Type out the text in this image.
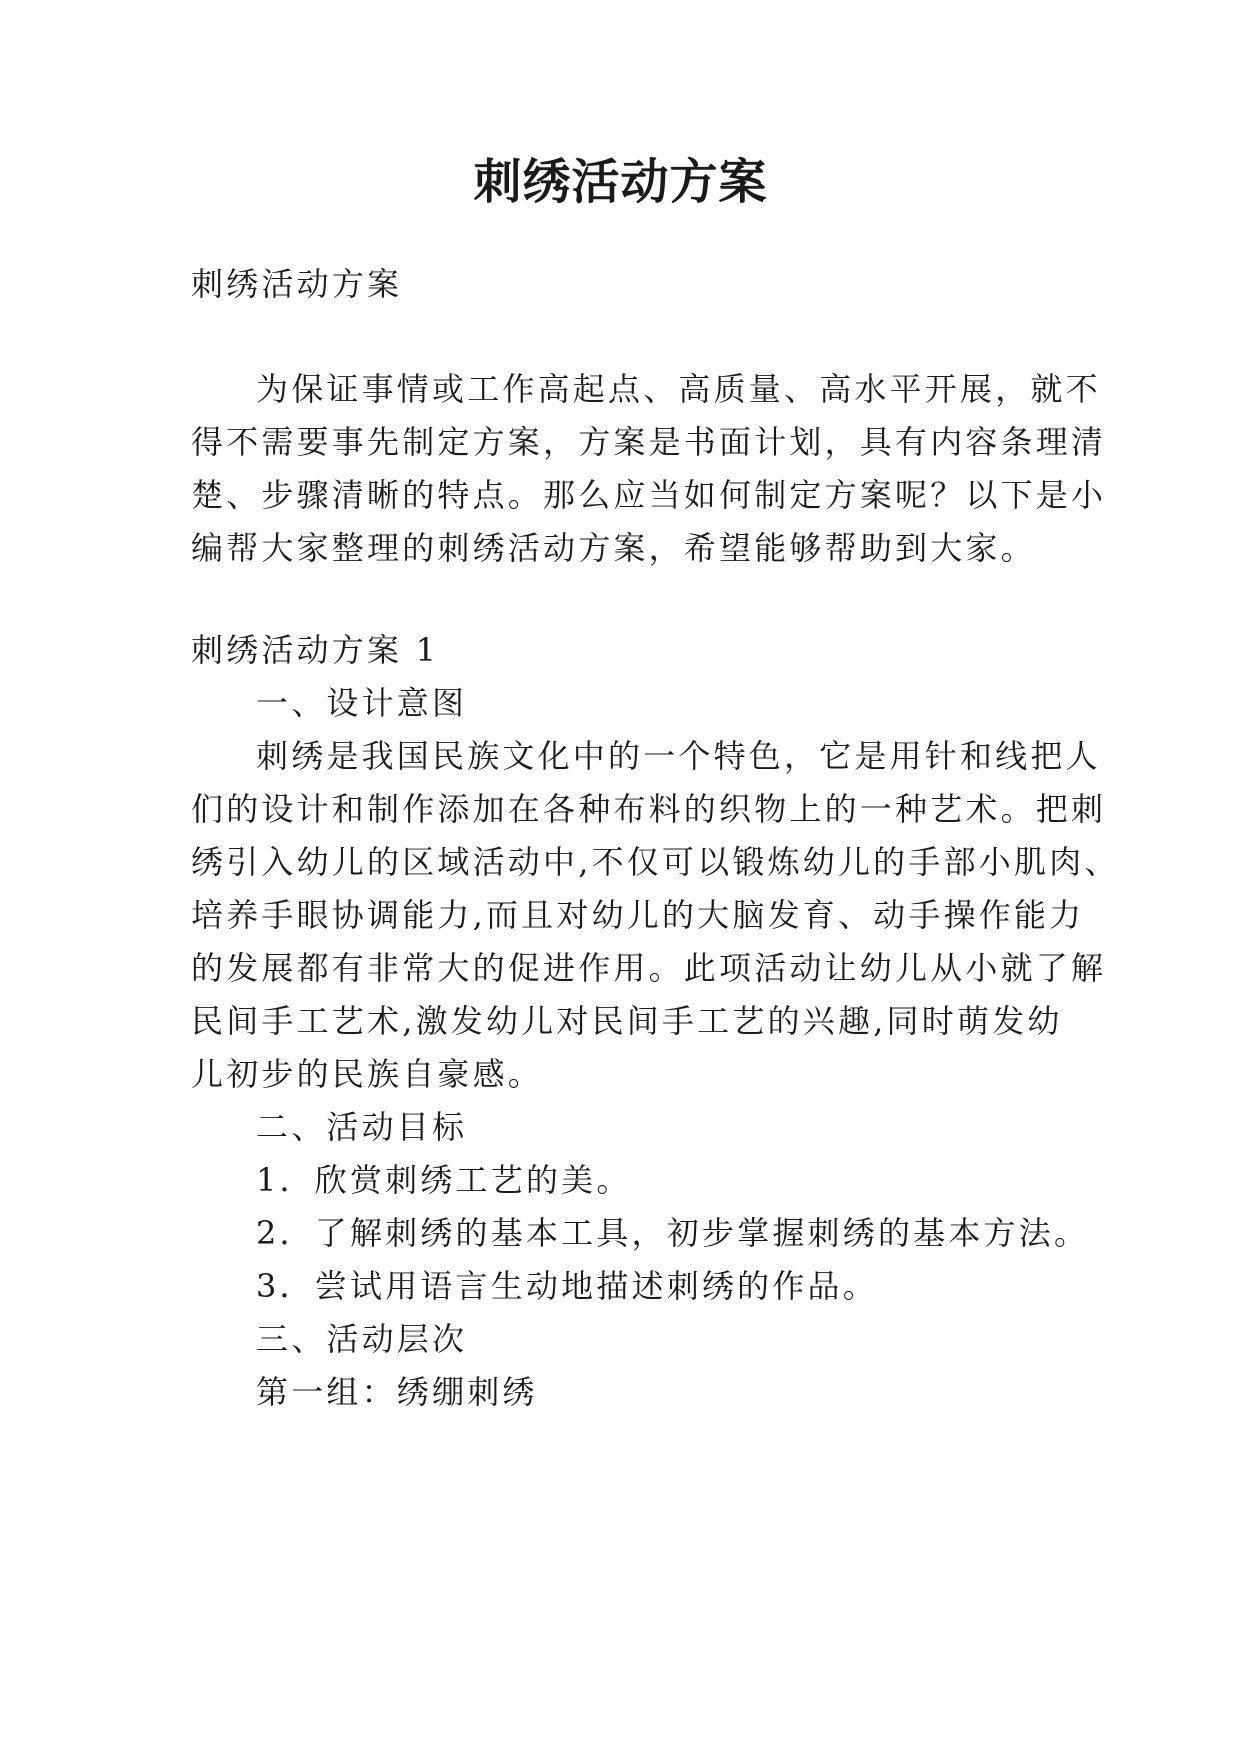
刺绣活动方案
刺绣活动方案
为保证事情或工作高起点、高质量、高水平开展，就不
得不需要事先制定方案，方案是书面计划，具有内容条理清
楚、步骤清晰的特点。那么应当如何制定方案呢？以下是小
编帮大家整理的刺绣活动方案，希望能够帮助到大家。
刺绣活动方案 1
一、设计意图
刺绣是我国民族文化中的一个特色，它是用针和线把人
们的设计和制作添加在各种布料的织物上的一种艺术。把刺
绣引入幼儿的区域活动中,不仅可以锻炼幼儿的手部小肌肉、
培养手眼协调能力,而且对幼儿的大脑发育、动手操作能力
的发展都有非常大的促进作用。此项活动让幼儿从小就了解
民间手工艺术,激发幼儿对民间手工艺的兴趣,同时萌发幼
儿初步的民族自豪感。
二、活动目标
1．欣赏刺绣工艺的美。
2．了解刺绣的基本工具，初步掌握刺绣的基本方法。
3．尝试用语言生动地描述刺绣的作品。
三、活动层次
第一组：绣绷刺绣
